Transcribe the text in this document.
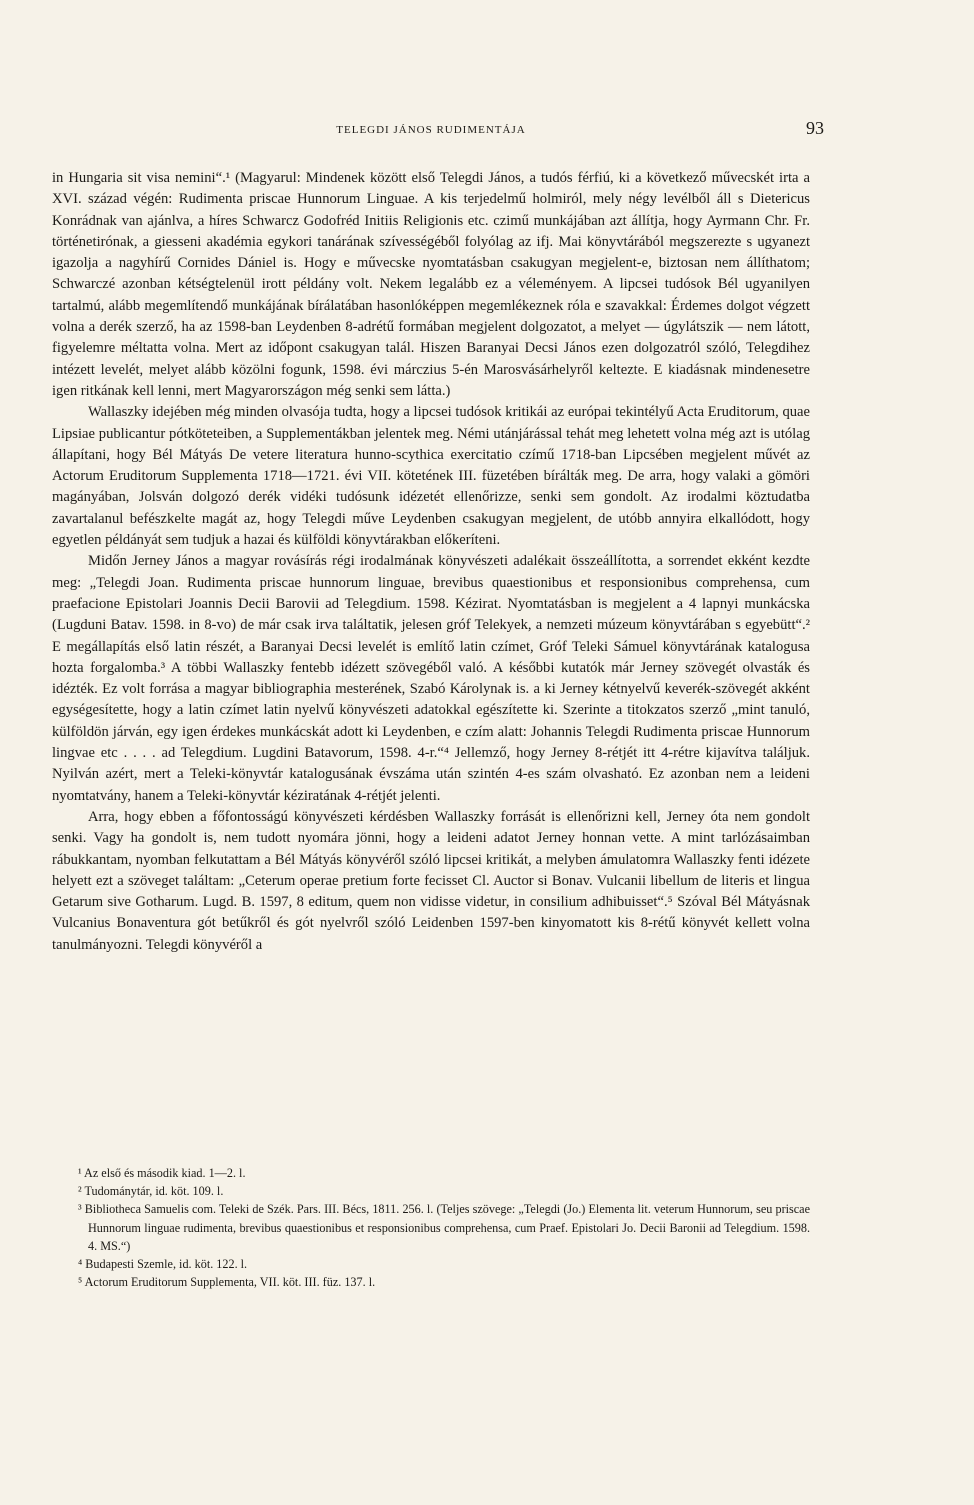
TELEGDI JÁNOS RUDIMENTÁJA	93

in Hungaria sit visa nemini“.¹ (Magyarul: Mindenek között első Telegdi János, a tudós férfiú, ki a következő művecskét irta a XVI. század végén: Rudimenta priscae Hunnorum Linguae. A kis terjedelmű holmiról, mely négy levélből áll s Dietericus Konrádnak van ajánlva, a híres Schwarcz Godofréd Initiis Religionis etc. czimű munkájában azt állítja, hogy Ayrmann Chr. Fr. történetirónak, a giesseni akadémia egykori tanárának szívességéből folyólag az ifj. Mai könyvtárából megszerezte s ugyanezt igazolja a nagyhírű Cornides Dániel is. Hogy e művecske nyomtatásban csakugyan megjelent-e, biztosan nem állíthatom; Schwarczé azonban kétségtelenül irott példány volt. Nekem legalább ez a véleményem. A lipcsei tudósok Bél ugyanilyen tartalmú, alább megemlítendő munkájának bírálatában hasonlóképpen megemlékeznek róla e szavakkal: Érdemes dolgot végzett volna a derék szerző, ha az 1598-ban Leydenben 8-adrétű formában megjelent dolgozatot, a melyet — úgylátszik — nem látott, figyelemre méltatta volna. Mert az időpont csakugyan talál. Hiszen Baranyai Decsi János ezen dolgozatról szóló, Telegdihez intézett levelét, melyet alább közölni fogunk, 1598. évi márczius 5-én Marosvásárhelyről keltezte. E kiadásnak mindenesetre igen ritkának kell lenni, mert Magyarországon még senki sem látta.)

Wallaszky idejében még minden olvasója tudta, hogy a lipcsei tudósok kritikái az európai tekintélyű Acta Eruditorum, quae Lipsiae publicantur pótköteteiben, a Supplementákban jelentek meg. Némi utánjárással tehát meg lehetett volna még azt is utólag állapítani, hogy Bél Mátyás De vetere literatura hunno-scythica exercitatio czímű 1718-ban Lipcsében megjelent művét az Actorum Eruditorum Supplementa 1718—1721. évi VII. kötetének III. füzetében bírálták meg. De arra, hogy valaki a gömöri magányában, Jolsván dolgozó derék vidéki tudósunk idézetét ellenőrizze, senki sem gondolt. Az irodalmi köztudatba zavartalanul befészkelte magát az, hogy Telegdi műve Leydenben csakugyan megjelent, de utóbb annyira elkallódott, hogy egyetlen példányát sem tudjuk a hazai és külföldi könyvtárakban előkeríteni.

Midőn Jerney János a magyar rovásírás régi irodalmának könyvészeti adalékait összeállította, a sorrendet ekként kezdte meg: „Telegdi Joan. Rudimenta priscae hunnorum linguae, brevibus quaestionibus et responsionibus comprehensa, cum praefacione Epistolari Joannis Decii Barovii ad Telegdium. 1598. Kézirat. Nyomtatásban is megjelent a 4 lapnyi munkácska (Lugduni Batav. 1598. in 8-vo) de már csak irva találtatik, jelesen gróf Telekyek, a nemzeti múzeum könyvtárában s egyebütt“.² E megállapítás első latin részét, a Baranyai Decsi levelét is említő latin czímet, Gróf Teleki Sámuel könyvtárának katalogusa hozta forgalomba.³ A többi Wallaszky fentebb idézett szövegéből való. A későbbi kutatók már Jerney szövegét olvasták és idézték. Ez volt forrása a magyar bibliographia mesterének, Szabó Károlynak is. a ki Jerney kétnyelvű keverék-szövegét akként egységesítette, hogy a latin czímet latin nyelvű könyvészeti adatokkal egészítette ki. Szerinte a titokzatos szerző „mint tanuló, külföldön járván, egy igen érdekes munkácskát adott ki Leydenben, e czím alatt: Johannis Telegdi Rudimenta priscae Hunnorum lingvae etc . . . . ad Telegdium. Lugdini Batavorum, 1598. 4-r.“⁴ Jellemző, hogy Jerney 8-rétjét itt 4-rétre kijavítva találjuk. Nyilván azért, mert a Teleki-könyvtár katalogusának évszáma után szintén 4-es szám olvasható. Ez azonban nem a leideni nyomtatvány, hanem a Teleki-könyvtár kéziratának 4-rétjét jelenti.

Arra, hogy ebben a főfontosságú könyvészeti kérdésben Wallaszky forrását is ellenőrizni kell, Jerney óta nem gondolt senki. Vagy ha gondolt is, nem tudott nyomára jönni, hogy a leideni adatot Jerney honnan vette. A mint tarlózásaimban rábukkantam, nyomban felkutattam a Bél Mátyás könyvéről szóló lipcsei kritikát, a melyben ámulatomra Wallaszky fenti idézete helyett ezt a szöveget találtam: „Ceterum operae pretium forte fecisset Cl. Auctor si Bonav. Vulcanii libellum de literis et lingua Getarum sive Gotharum. Lugd. B. 1597, 8 editum, quem non vidisse videtur, in consilium adhibuisset“.⁵ Szóval Bél Mátyásnak Vulcanius Bonaventura gót betűkről és gót nyelvről szóló Leidenben 1597-ben kinyomatott kis 8-rétű könyvét kellett volna tanulmányozni. Telegdi könyvéről a

¹ Az első és második kiad. 1—2. l.

² Tudománytár, id. köt. 109. l.

³ Bibliotheca Samuelis com. Teleki de Szék. Pars. III. Bécs, 1811. 256. l. (Teljes szövege: „Telegdi (Jo.) Elementa lit. veterum Hunnorum, seu priscae Hunnorum linguae rudimenta, brevibus quaestionibus et responsionibus comprehensa, cum Praef. Epistolari Jo. Decii Baronii ad Telegdium. 1598. 4. MS.“)

⁴ Budapesti Szemle, id. köt. 122. l.

⁵ Actorum Eruditorum Supplementa, VII. köt. III. füz. 137. l.
